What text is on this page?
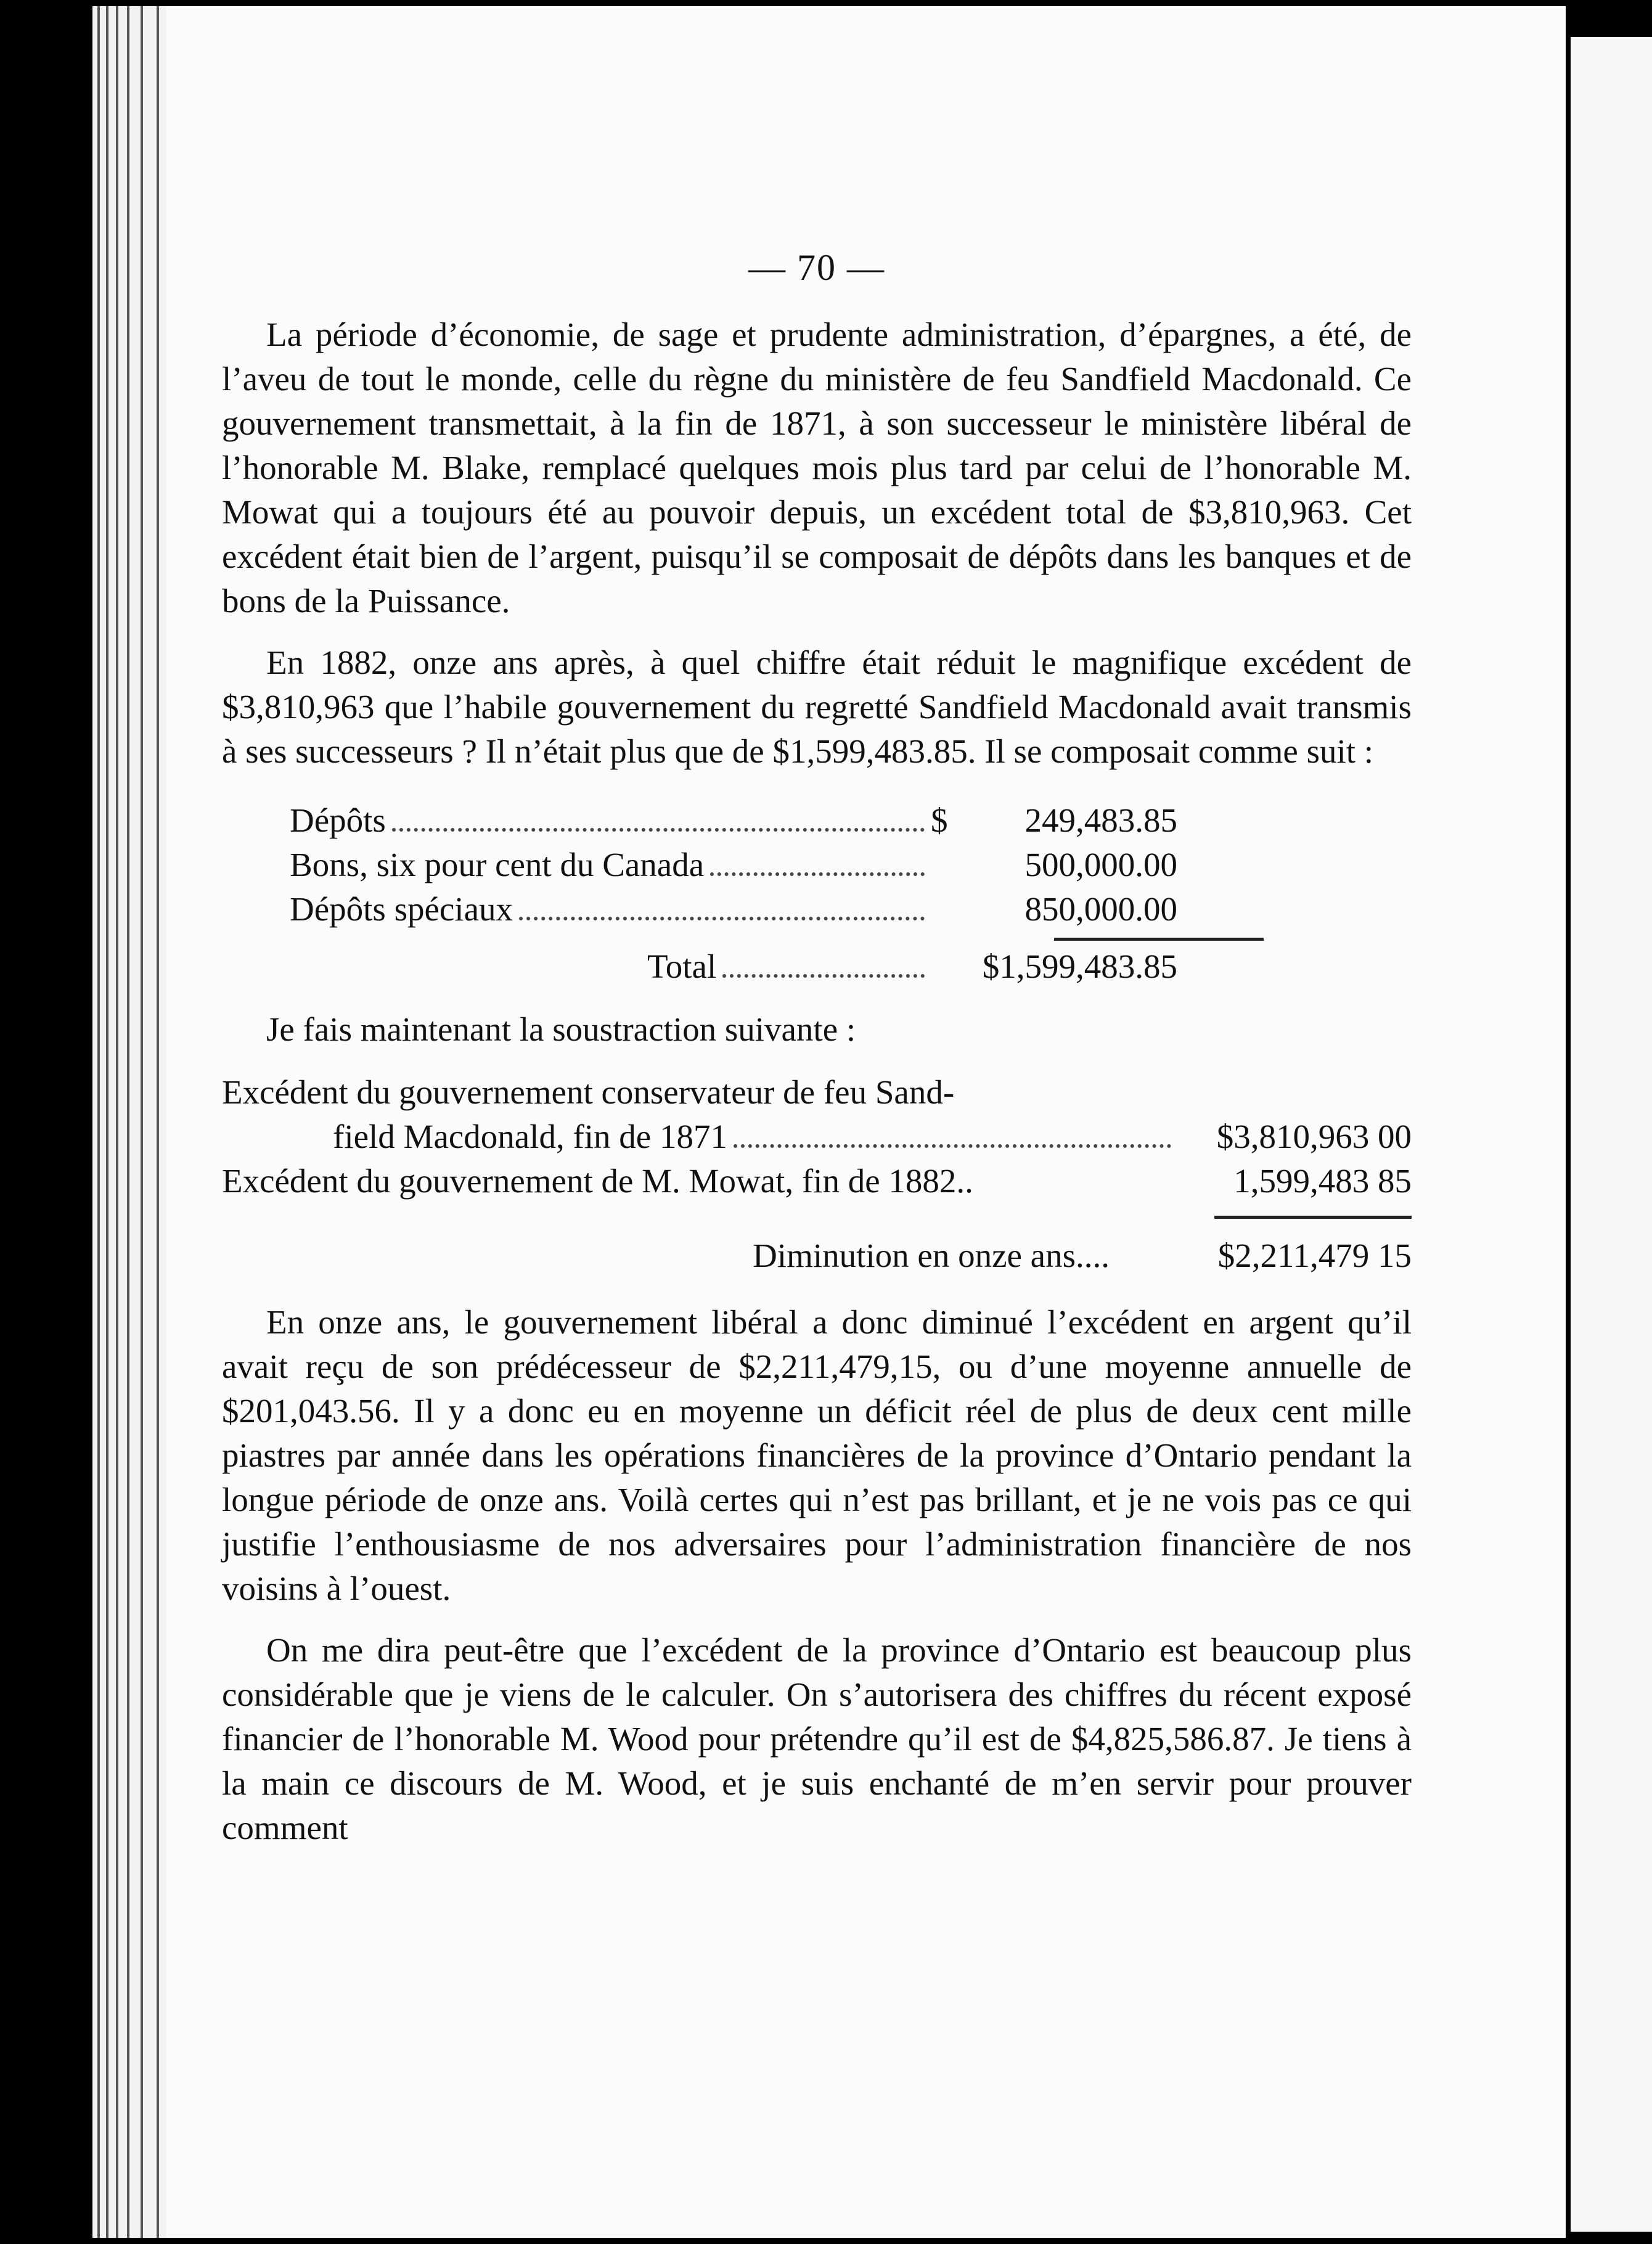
— 70 —

La période d’économie, de sage et prudente administration, d’épargnes, a été, de l’aveu de tout le monde, celle du règne du ministère de feu Sandfield Macdonald. Ce gouvernement transmettait, à la fin de 1871, à son successeur le ministère libéral de l’honorable M. Blake, remplacé quelques mois plus tard par celui de l’honorable M. Mowat qui a toujours été au pouvoir depuis, un excédent total de $3,810,963. Cet excédent était bien de l’argent, puisqu’il se composait de dépôts dans les banques et de bons de la Puissance.

En 1882, onze ans après, à quel chiffre était réduit le magnifique excédent de $3,810,963 que l’habile gouvernement du regretté Sandfield Macdonald avait transmis à ses successeurs ? Il n’était plus que de $1,599,483.85. Il se composait comme suit :

Dépôts	$	249,483.85
Bons, six pour cent du Canada	500,000.00
Dépôts spéciaux	850,000.00
Total	$1,599,483.85

Je fais maintenant la soustraction suivante :

Excédent du gouvernement conservateur de feu Sand-
field Macdonald, fin de 1871	$3,810,963 00
Excédent du gouvernement de M. Mowat, fin de 1882..	1,599,483 85
Diminution en onze ans....	$2,211,479 15

En onze ans, le gouvernement libéral a donc diminué l’excédent en argent qu’il avait reçu de son prédécesseur de $2,211,479,15, ou d’une moyenne annuelle de $201,043.56. Il y a donc eu en moyenne un déficit réel de plus de deux cent mille piastres par année dans les opérations financières de la province d’Ontario pendant la longue période de onze ans. Voilà certes qui n’est pas brillant, et je ne vois pas ce qui justifie l’enthousiasme de nos adversaires pour l’administration financière de nos voisins à l’ouest.

On me dira peut-être que l’excédent de la province d’Ontario est beaucoup plus considérable que je viens de le calculer. On s’autorisera des chiffres du récent exposé financier de l’honorable M. Wood pour prétendre qu’il est de $4,825,586.87. Je tiens à la main ce discours de M. Wood, et je suis enchanté de m’en servir pour prouver comment
